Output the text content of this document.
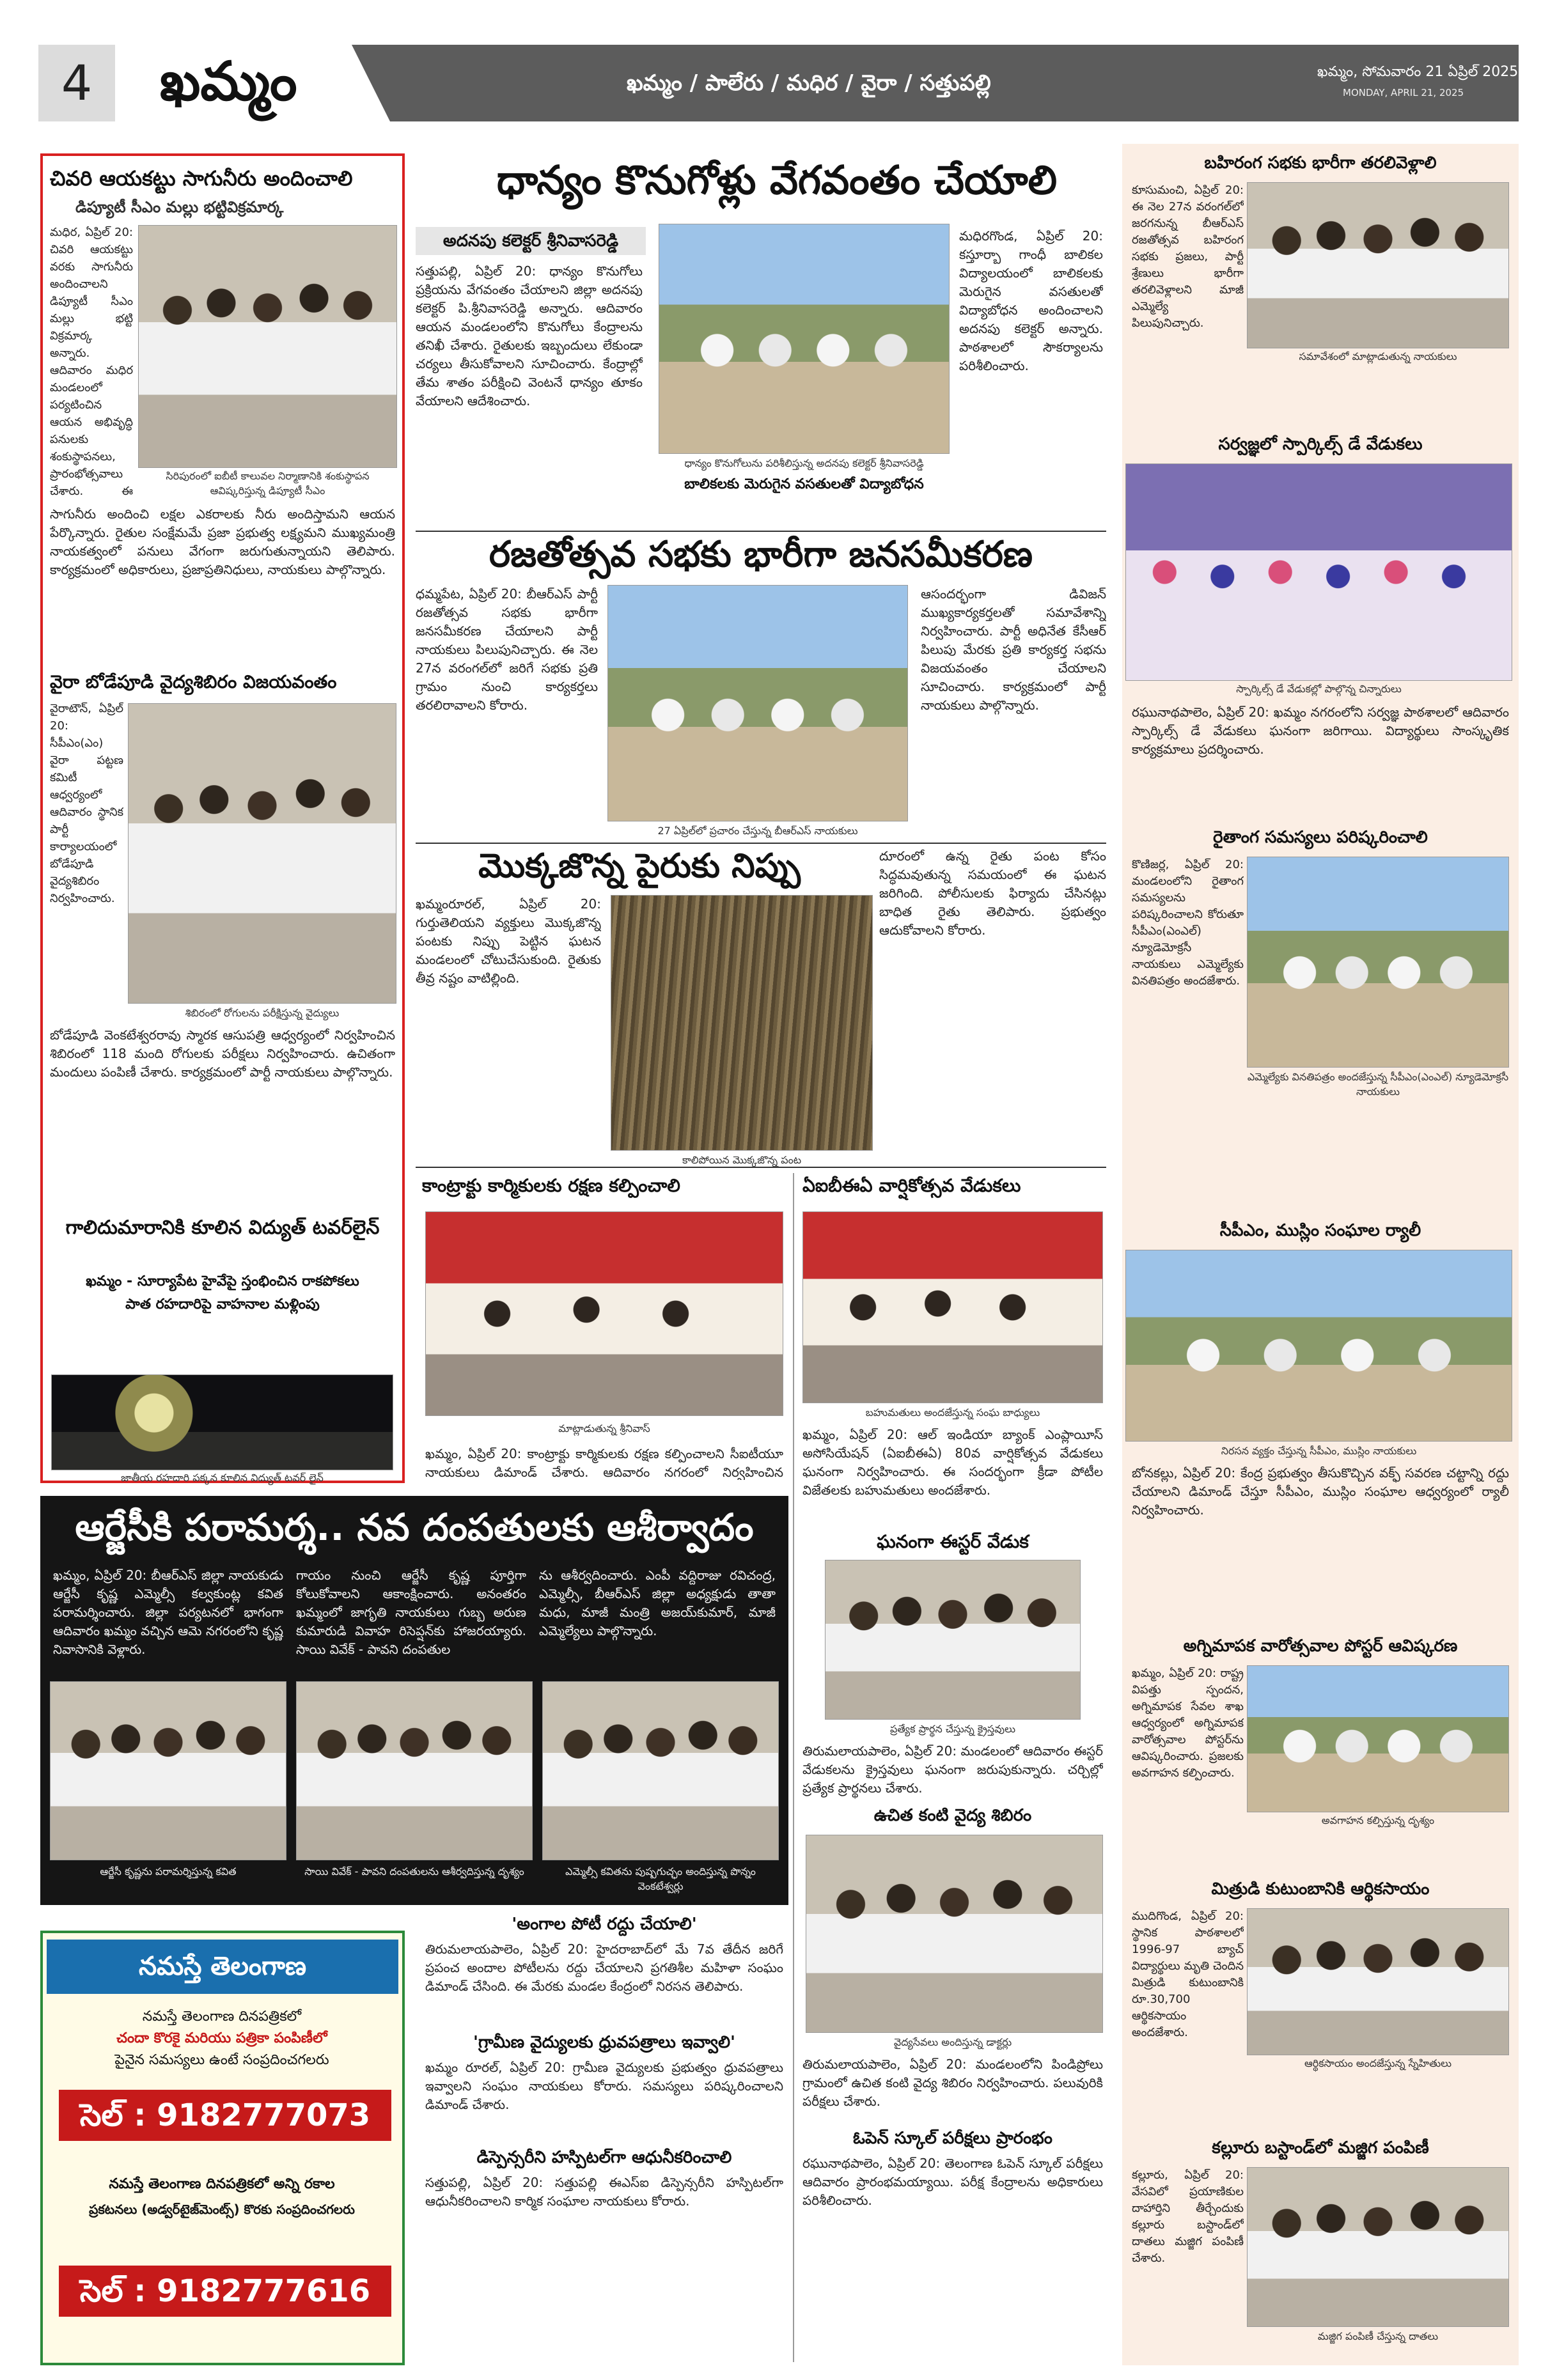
4	ఖమ్మం	ఖమ్మం / పాలేరు / మధిర / వైరా / సత్తుపల్లి	ఖమ్మం, సోమవారం 21 ఏప్రిల్ 2025
MONDAY, APRIL 21, 2025
చివరి ఆయకట్టు సాగునీరు అందించాలి
డిప్యూటీ సీఎం మల్లు భట్టివిక్రమార్క
మధిర, ఏప్రిల్ 20: చివరి ఆయకట్టు వరకు సాగునీరు అందించాలని డిప్యూటీ సీఎం మల్లు భట్టి విక్రమార్క అన్నారు. ఆదివారం మధిర మండలంలో పర్యటించిన ఆయన అభివృద్ధి పనులకు శంకుస్థాపనలు, ప్రారంభోత్సవాలు చేశారు. ఈ
సిరిపురంలో ఐబీటీ కాలువల నిర్మాణానికి శంకుస్థాపన ఆవిష్కరిస్తున్న డిప్యూటీ సీఎం
సాగునీరు అందించి లక్షల ఎకరాలకు నీరు అందిస్తామని ఆయన పేర్కొన్నారు. రైతుల సంక్షేమమే ప్రజా ప్రభుత్వ లక్ష్యమని ముఖ్యమంత్రి నాయకత్వంలో పనులు వేగంగా జరుగుతున్నాయని తెలిపారు. కార్యక్రమంలో అధికారులు, ప్రజాప్రతినిధులు, నాయకులు పాల్గొన్నారు.
వైరా బోడేపూడి వైద్యశిబిరం విజయవంతం
వైరాటౌన్, ఏప్రిల్ 20: సీపీఎం(ఎం) వైరా పట్టణ కమిటీ ఆధ్వర్యంలో ఆదివారం స్థానిక పార్టీ కార్యాలయంలో బోడేపూడి వైద్యశిబిరం నిర్వహించారు.
శిబిరంలో రోగులను పరీక్షిస్తున్న వైద్యులు
బోడేపూడి వెంకటేశ్వరరావు స్మారక ఆసుపత్రి ఆధ్వర్యంలో నిర్వహించిన శిబిరంలో 118 మంది రోగులకు పరీక్షలు నిర్వహించారు. ఉచితంగా మందులు పంపిణీ చేశారు. కార్యక్రమంలో పార్టీ నాయకులు పాల్గొన్నారు.
గాలిదుమారానికి కూలిన విద్యుత్ టవర్‌లైన్
ఖమ్మం - సూర్యాపేట హైవేపై స్తంభించిన రాకపోకలు
పాత రహదారిపై వాహనాల మళ్లింపు
జాతీయ రహదారి పక్కన కూలిన విద్యుత్ టవర్ లైన్
ధాన్యం కొనుగోళ్లు వేగవంతం చేయాలి
అదనపు కలెక్టర్ శ్రీనివాసరెడ్డి
సత్తుపల్లి, ఏప్రిల్ 20: ధాన్యం కొనుగోలు ప్రక్రియను వేగవంతం చేయాలని జిల్లా అదనపు కలెక్టర్ పి.శ్రీనివాసరెడ్డి అన్నారు. ఆదివారం ఆయన మండలంలోని కొనుగోలు కేంద్రాలను తనిఖీ చేశారు. రైతులకు ఇబ్బందులు లేకుండా చర్యలు తీసుకోవాలని సూచించారు. కేంద్రాల్లో తేమ శాతం పరీక్షించి వెంటనే ధాన్యం తూకం వేయాలని ఆదేశించారు.
ధాన్యం కొనుగోలును పరిశీలిస్తున్న అదనపు కలెక్టర్ శ్రీనివాసరెడ్డి
మధిరగొండ, ఏప్రిల్ 20: కస్తూర్బా గాంధీ బాలికల విద్యాలయంలో బాలికలకు మెరుగైన వసతులతో విద్యాబోధన అందించాలని అదనపు కలెక్టర్ అన్నారు. పాఠశాలలో సౌకర్యాలను పరిశీలించారు.
బాలికలకు మెరుగైన వసతులతో విద్యాబోధన
రజతోత్సవ సభకు భారీగా జనసమీకరణ
ధమ్మపేట, ఏప్రిల్ 20: బీఆర్ఎస్ పార్టీ రజతోత్సవ సభకు భారీగా జనసమీకరణ చేయాలని పార్టీ నాయకులు పిలుపునిచ్చారు. ఈ నెల 27న వరంగల్‌లో జరిగే సభకు ప్రతి గ్రామం నుంచి కార్యకర్తలు తరలిరావాలని కోరారు.
27 ఏప్రిల్‌లో ప్రచారం చేస్తున్న బీఆర్ఎస్ నాయకులు
ఆసందర్భంగా డివిజన్ ముఖ్యకార్యకర్తలతో సమావేశాన్ని నిర్వహించారు. పార్టీ అధినేత కేసీఆర్ పిలుపు మేరకు ప్రతి కార్యకర్త సభను విజయవంతం చేయాలని సూచించారు. కార్యక్రమంలో పార్టీ నాయకులు పాల్గొన్నారు.
మొక్కజొన్న పైరుకు నిప్పు
ఖమ్మంరూరల్, ఏప్రిల్ 20: గుర్తుతెలియని వ్యక్తులు మొక్కజొన్న పంటకు నిప్పు పెట్టిన ఘటన మండలంలో చోటుచేసుకుంది. రైతుకు తీవ్ర నష్టం వాటిల్లింది.
కాలిపోయిన మొక్కజొన్న పంట
దూరంలో ఉన్న రైతు పంట కోసం సిద్ధమవుతున్న సమయంలో ఈ ఘటన జరిగింది. పోలీసులకు ఫిర్యాదు చేసినట్లు బాధిత రైతు తెలిపారు. ప్రభుత్వం ఆదుకోవాలని కోరారు.
కాంట్రాక్టు కార్మికులకు రక్షణ కల్పించాలి
మాట్లాడుతున్న శ్రీనివాస్
ఖమ్మం, ఏప్రిల్ 20: కాంట్రాక్టు కార్మికులకు రక్షణ కల్పించాలని సీఐటీయూ నాయకులు డిమాండ్ చేశారు. ఆదివారం నగరంలో నిర్వహించిన
ఏఐబీఈఏ వార్షికోత్సవ వేడుకలు
బహుమతులు అందజేస్తున్న సంఘ బాధ్యులు
ఖమ్మం, ఏప్రిల్ 20: ఆల్ ఇండియా బ్యాంక్ ఎంప్లాయీస్ అసోసియేషన్ (ఏఐబీఈఏ) 80వ వార్షికోత్సవ వేడుకలు ఘనంగా నిర్వహించారు. ఈ సందర్భంగా క్రీడా పోటీల విజేతలకు బహుమతులు అందజేశారు.
ఘనంగా ఈస్టర్ వేడుక
ప్రత్యేక ప్రార్థన చేస్తున్న క్రైస్తవులు
తిరుమలాయపాలెం, ఏప్రిల్ 20: మండలంలో ఆదివారం ఈస్టర్ వేడుకలను క్రైస్తవులు ఘనంగా జరుపుకున్నారు. చర్చిల్లో ప్రత్యేక ప్రార్థనలు చేశారు.
ఉచిత కంటి వైద్య శిబిరం
వైద్యసేవలు అందిస్తున్న డాక్టర్లు
తిరుమలాయపాలెం, ఏప్రిల్ 20: మండలంలోని పిండిప్రోలు గ్రామంలో ఉచిత కంటి వైద్య శిబిరం నిర్వహించారు. పలువురికి పరీక్షలు చేశారు.
ఆర్జేసీకి పరామర్శ.. నవ దంపతులకు ఆశీర్వాదం
ఖమ్మం, ఏప్రిల్ 20: బీఆర్ఎస్ జిల్లా నాయకుడు ఆర్జేసీ కృష్ణ ఎమ్మెల్సీ కల్వకుంట్ల కవిత పరామర్శించారు. జిల్లా పర్యటనలో భాగంగా ఆదివారం ఖమ్మం వచ్చిన ఆమె నగరంలోని కృష్ణ నివాసానికి వెళ్లారు.
గాయం నుంచి ఆర్జేసీ కృష్ణ పూర్తిగా కోలుకోవాలని ఆకాంక్షించారు. అనంతరం ఖమ్మంలో జాగృతి నాయకులు గుబ్బ అరుణ కుమారుడి వివాహ రిసెప్షన్‌కు హాజరయ్యారు. సాయి వివేక్ - పావని దంపతుల
ను ఆశీర్వదించారు. ఎంపీ వద్దిరాజు రవిచంద్ర, ఎమ్మెల్సీ, బీఆర్ఎస్ జిల్లా అధ్యక్షుడు తాతా మధు, మాజీ మంత్రి అజయ్‌కుమార్, మాజీ ఎమ్మెల్యేలు పాల్గొన్నారు.
ఆర్జేసీ కృష్ణను పరామర్శిస్తున్న కవిత	సాయి వివేక్ - పావని దంపతులను ఆశీర్వదిస్తున్న దృశ్యం	ఎమ్మెల్సీ కవితను పుష్పగుచ్ఛం అందిస్తున్న పొన్నం వెంకటేశ్వర్లు
నమస్తే తెలంగాణ
నమస్తే తెలంగాణ దినపత్రికలో
చందా కొరకై మరియు పత్రికా పంపిణీలో
పైనైన సమస్యలు ఉంటే సంప్రదించగలరు
సెల్ : 9182777073
నమస్తే తెలంగాణ దినపత్రికలో అన్ని రకాల
ప్రకటనలు (అడ్వర్‌టైజ్‌మెంట్స్) కొరకు సంప్రదించగలరు
సెల్ : 9182777616
'అంగాల పోటీ రద్దు చేయాలి'
తిరుమలాయపాలెం, ఏప్రిల్ 20: హైదరాబాద్‌లో మే 7వ తేదీన జరిగే ప్రపంచ అందాల పోటీలను రద్దు చేయాలని ప్రగతిశీల మహిళా సంఘం డిమాండ్ చేసింది. ఈ మేరకు మండల కేంద్రంలో నిరసన తెలిపారు.
'గ్రామీణ వైద్యులకు ధ్రువపత్రాలు ఇవ్వాలి'
ఖమ్మం రూరల్, ఏప్రిల్ 20: గ్రామీణ వైద్యులకు ప్రభుత్వం ధ్రువపత్రాలు ఇవ్వాలని సంఘం నాయకులు కోరారు. సమస్యలు పరిష్కరించాలని డిమాండ్ చేశారు.
డిస్పెన్సరీని హస్పిటల్‌గా ఆధునీకరించాలి
సత్తుపల్లి, ఏప్రిల్ 20: సత్తుపల్లి ఈఎస్ఐ డిస్పెన్సరీని హస్పిటల్‌గా ఆధునీకరించాలని కార్మిక సంఘాల నాయకులు కోరారు.
ఓపెన్ స్కూల్ పరీక్షలు ప్రారంభం
రఘునాథపాలెం, ఏప్రిల్ 20: తెలంగాణ ఓపెన్ స్కూల్ పరీక్షలు ఆదివారం ప్రారంభమయ్యాయి. పరీక్ష కేంద్రాలను అధికారులు పరిశీలించారు.
బహిరంగ సభకు భారీగా తరలివెళ్లాలి
కూసుమంచి, ఏప్రిల్ 20: ఈ నెల 27న వరంగల్‌లో జరగనున్న బీఆర్ఎస్ రజతోత్సవ బహిరంగ సభకు ప్రజలు, పార్టీ శ్రేణులు భారీగా తరలివెళ్లాలని మాజీ ఎమ్మెల్యే పిలుపునిచ్చారు.
సమావేశంలో మాట్లాడుతున్న నాయకులు
సర్వజ్ఞలో స్పార్కిల్స్ డే వేడుకలు
స్పార్కిల్స్ డే వేడుకల్లో పాల్గొన్న చిన్నారులు
రఘునాథపాలెం, ఏప్రిల్ 20: ఖమ్మం నగరంలోని సర్వజ్ఞ పాఠశాలలో ఆదివారం స్పార్కిల్స్ డే వేడుకలు ఘనంగా జరిగాయి. విద్యార్థులు సాంస్కృతిక కార్యక్రమాలు ప్రదర్శించారు.
రైతాంగ సమస్యలు పరిష్కరించాలి
కొణిజర్ల, ఏప్రిల్ 20: మండలంలోని రైతాంగ సమస్యలను పరిష్కరించాలని కోరుతూ సీపీఎం(ఎంఎల్) న్యూడెమోక్రసీ నాయకులు ఎమ్మెల్యేకు వినతిపత్రం అందజేశారు.
ఎమ్మెల్యేకు వినతిపత్రం అందజేస్తున్న సీపీఎం(ఎంఎల్) న్యూడెమోక్రసీ నాయకులు
సీపీఎం, ముస్లిం సంఘాల ర్యాలీ
నిరసన వ్యక్తం చేస్తున్న సీపీఎం, ముస్లిం నాయకులు
బోనకల్లు, ఏప్రిల్ 20: కేంద్ర ప్రభుత్వం తీసుకొచ్చిన వక్ఫ్ సవరణ చట్టాన్ని రద్దు చేయాలని డిమాండ్ చేస్తూ సీపీఎం, ముస్లిం సంఘాల ఆధ్వర్యంలో ర్యాలీ నిర్వహించారు.
అగ్నిమాపక వారోత్సవాల పోస్టర్ ఆవిష్కరణ
ఖమ్మం, ఏప్రిల్ 20: రాష్ట్ర విపత్తు స్పందన, అగ్నిమాపక సేవల శాఖ ఆధ్వర్యంలో అగ్నిమాపక వారోత్సవాల పోస్టర్‌ను ఆవిష్కరించారు. ప్రజలకు అవగాహన కల్పించారు.
అవగాహన కల్పిస్తున్న దృశ్యం
మిత్రుడి కుటుంబానికి ఆర్థికసాయం
ముదిగొండ, ఏప్రిల్ 20: స్థానిక పాఠశాలలో 1996-97 బ్యాచ్ విద్యార్థులు మృతి చెందిన మిత్రుడి కుటుంబానికి రూ.30,700 ఆర్థికసాయం అందజేశారు.
ఆర్థికసాయం అందజేస్తున్న స్నేహితులు
కల్లూరు బస్టాండ్‌లో మజ్జిగ పంపిణీ
కల్లూరు, ఏప్రిల్ 20: వేసవిలో ప్రయాణికుల దాహార్తిని తీర్చేందుకు కల్లూరు బస్టాండ్‌లో దాతలు మజ్జిగ పంపిణీ చేశారు.
మజ్జిగ పంపిణీ చేస్తున్న దాతలు
